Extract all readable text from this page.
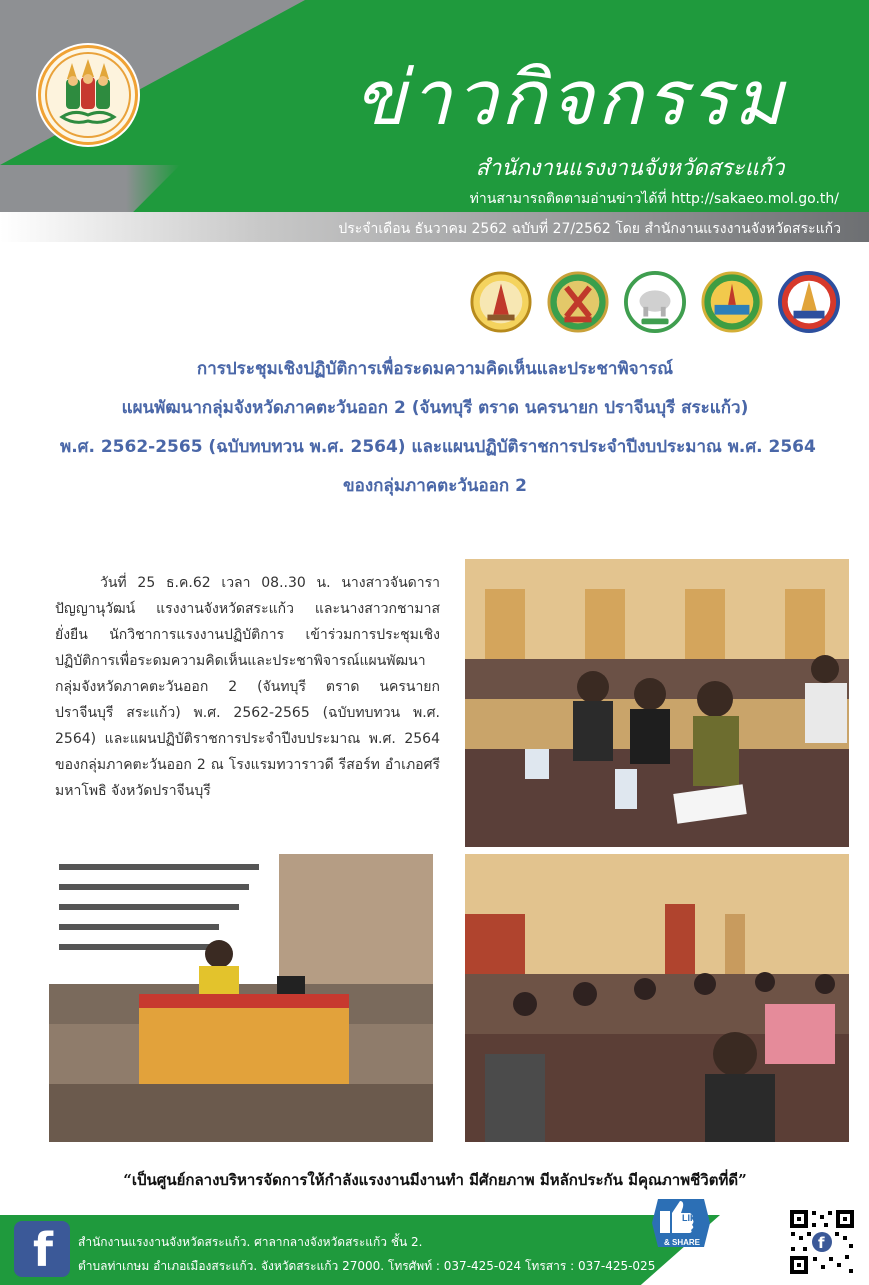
ข่าวกิจกรรม
สำนักงานแรงงานจังหวัดสระแก้ว
ท่านสามารถติดตามอ่านข่าวได้ที่ http://sakaeo.mol.go.th/
ประจำเดือน ธันวาคม 2562 ฉบับที่ 27/2562 โดย สำนักงานแรงงานจังหวัดสระแก้ว
การประชุมเชิงปฏิบัติการเพื่อระดมความคิดเห็นและประชาพิจารณ์
แผนพัฒนากลุ่มจังหวัดภาคตะวันออก 2 (จันทบุรี ตราด นครนายก ปราจีนบุรี สระแก้ว)
พ.ศ. 2562-2565 (ฉบับทบทวน พ.ศ. 2564) และแผนปฏิบัติราชการประจำปีงบประมาณ พ.ศ. 2564
ของกลุ่มภาคตะวันออก 2

วันที่ 25 ธ.ค.62 เวลา 08..30 น. นางสาวจันดารา ปัญญานุวัฒน์ แรงงานจังหวัดสระแก้ว และนางสาวกชามาส ยั่งยืน นักวิชาการแรงงานปฏิบัติการ เข้าร่วมการประชุมเชิงปฏิบัติการเพื่อระดมความคิดเห็นและประชาพิจารณ์แผนพัฒนากลุ่มจังหวัดภาคตะวันออก 2 (จันทบุรี ตราด นครนายก ปราจีนบุรี สระแก้ว) พ.ศ. 2562-2565 (ฉบับทบทวน พ.ศ. 2564) และแผนปฏิบัติราชการประจำปีงบประมาณ พ.ศ. 2564 ของกลุ่มภาคตะวันออก 2 ณ โรงแรมทวาราวดี รีสอร์ท อำเภอศรีมหาโพธิ จังหวัดปราจีนบุรี

“เป็นศูนย์กลางบริหารจัดการให้กำลังแรงงานมีงานทำ มีศักยภาพ มีหลักประกัน มีคุณภาพชีวิตที่ดี”
f สำนักงานแรงงานจังหวัดสระแก้ว. ศาลากลางจังหวัดสระแก้ว ชั้น 2.
ตำบลท่าเกษม อำเภอเมืองสระแก้ว. จังหวัดสระแก้ว 27000. โทรศัพท์ : 037-425-024 โทรสาร : 037-425-025
LIKE
& SHARE	f
